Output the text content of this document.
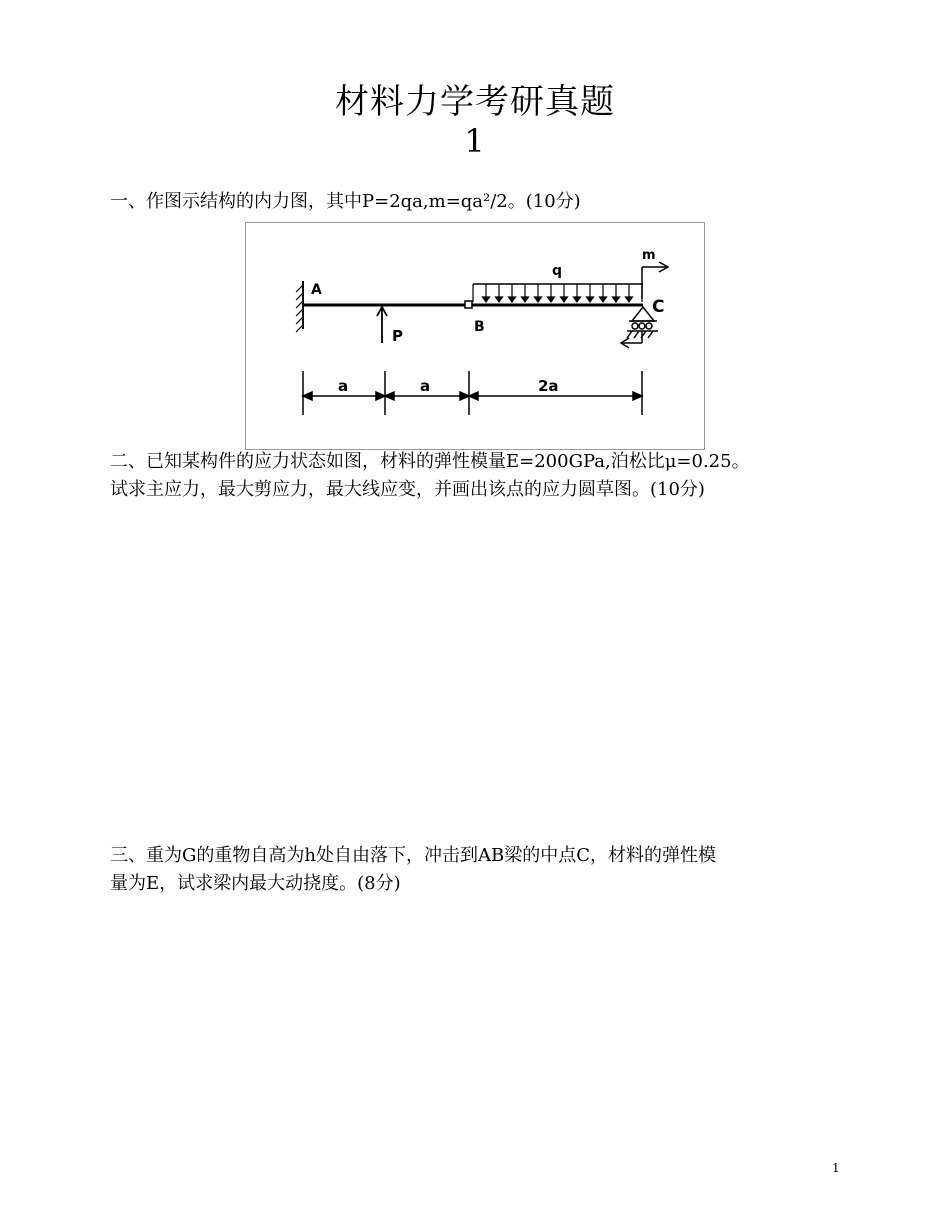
材料力学考研真题
1
一、作图示结构的内力图，其中P=2qa,m=qa²/2。(10分)
A
B
C
P
q
m
a	a	2a
二、已知某构件的应力状态如图，材料的弹性模量E=200GPa,泊松比μ=0.25。
试求主应力，最大剪应力，最大线应变，并画出该点的应力圆草图。(10分)
三、重为G的重物自高为h处自由落下，冲击到AB梁的中点C，材料的弹性模
量为E，试求梁内最大动挠度。(8分)
1
